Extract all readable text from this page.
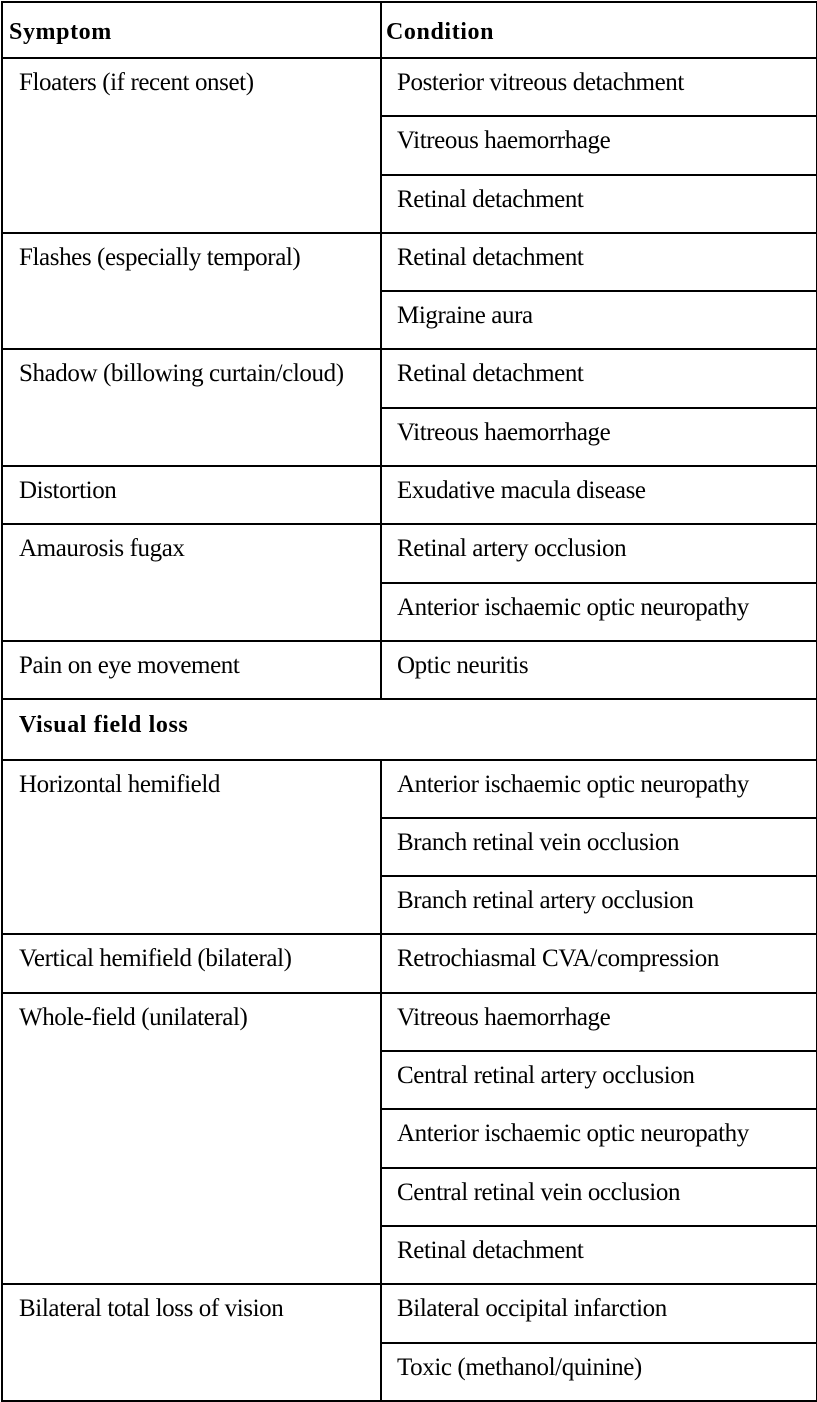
Symptom	Condition
Floaters (if recent onset)	Posterior vitreous detachment
	Vitreous haemorrhage
	Retinal detachment
Flashes (especially temporal)	Retinal detachment
	Migraine aura
Shadow (billowing curtain/cloud)	Retinal detachment
	Vitreous haemorrhage
Distortion	Exudative macula disease
Amaurosis fugax	Retinal artery occlusion
	Anterior ischaemic optic neuropathy
Pain on eye movement	Optic neuritis
Visual field loss	
Horizontal hemifield	Anterior ischaemic optic neuropathy
	Branch retinal vein occlusion
	Branch retinal artery occlusion
Vertical hemifield (bilateral)	Retrochiasmal CVA/compression
Whole-field (unilateral)	Vitreous haemorrhage
	Central retinal artery occlusion
	Anterior ischaemic optic neuropathy
	Central retinal vein occlusion
	Retinal detachment
Bilateral total loss of vision	Bilateral occipital infarction
	Toxic (methanol/quinine)
